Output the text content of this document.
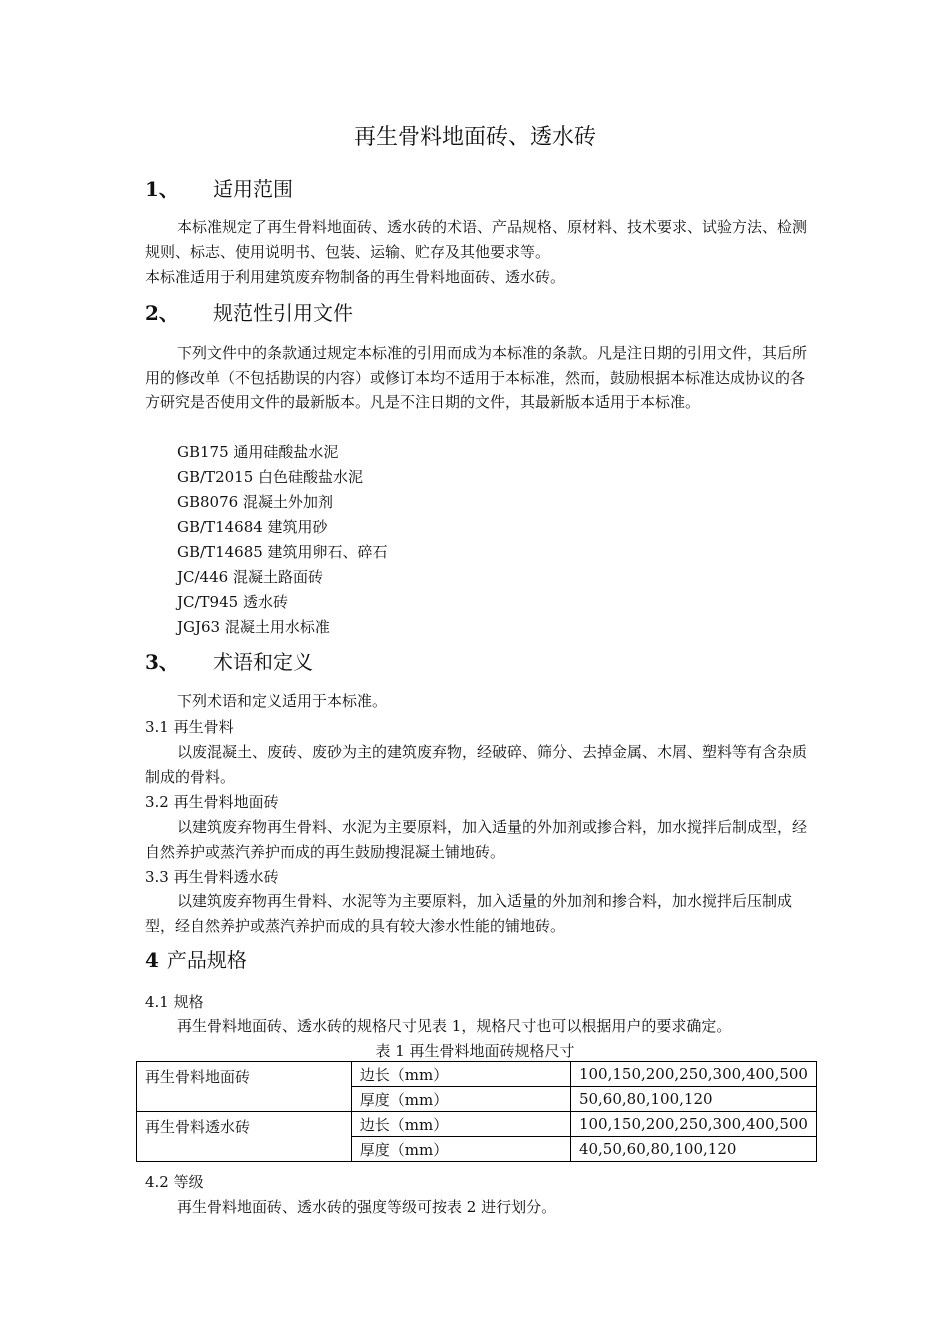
再生骨料地面砖、透水砖
1、 适用范围
本标准规定了再生骨料地面砖、透水砖的术语、产品规格、原材料、技术要求、试验方法、检测规则、标志、使用说明书、包装、运输、贮存及其他要求等。
本标准适用于利用建筑废弃物制备的再生骨料地面砖、透水砖。
2、 规范性引用文件
下列文件中的条款通过规定本标准的引用而成为本标准的条款。凡是注日期的引用文件，其后所用的修改单（不包括勘误的内容）或修订本均不适用于本标准，然而，鼓励根据本标准达成协议的各方研究是否使用文件的最新版本。凡是不注日期的文件，其最新版本适用于本标准。
GB175 通用硅酸盐水泥
GB/T2015 白色硅酸盐水泥
GB8076 混凝土外加剂
GB/T14684 建筑用砂
GB/T14685 建筑用卵石、碎石
JC/446 混凝土路面砖
JC/T945 透水砖
JGJ63 混凝土用水标准
3、 术语和定义
下列术语和定义适用于本标准。
3.1 再生骨料
以废混凝土、废砖、废砂为主的建筑废弃物，经破碎、筛分、去掉金属、木屑、塑料等有含杂质制成的骨料。
3.2 再生骨料地面砖
以建筑废弃物再生骨料、水泥为主要原料，加入适量的外加剂或掺合料，加水搅拌后制成型，经自然养护或蒸汽养护而成的再生鼓励搜混凝土铺地砖。
3.3 再生骨料透水砖
以建筑废弃物再生骨料、水泥等为主要原料，加入适量的外加剂和掺合料，加水搅拌后压制成型，经自然养护或蒸汽养护而成的具有较大渗水性能的铺地砖。
4 产品规格
4.1 规格
再生骨料地面砖、透水砖的规格尺寸见表 1，规格尺寸也可以根据用户的要求确定。
表 1 再生骨料地面砖规格尺寸
再生骨料地面砖	边长（mm）	100,150,200,250,300,400,500
	厚度（mm）	50,60,80,100,120
再生骨料透水砖	边长（mm）	100,150,200,250,300,400,500
	厚度（mm）	40,50,60,80,100,120
4.2 等级
再生骨料地面砖、透水砖的强度等级可按表 2 进行划分。
